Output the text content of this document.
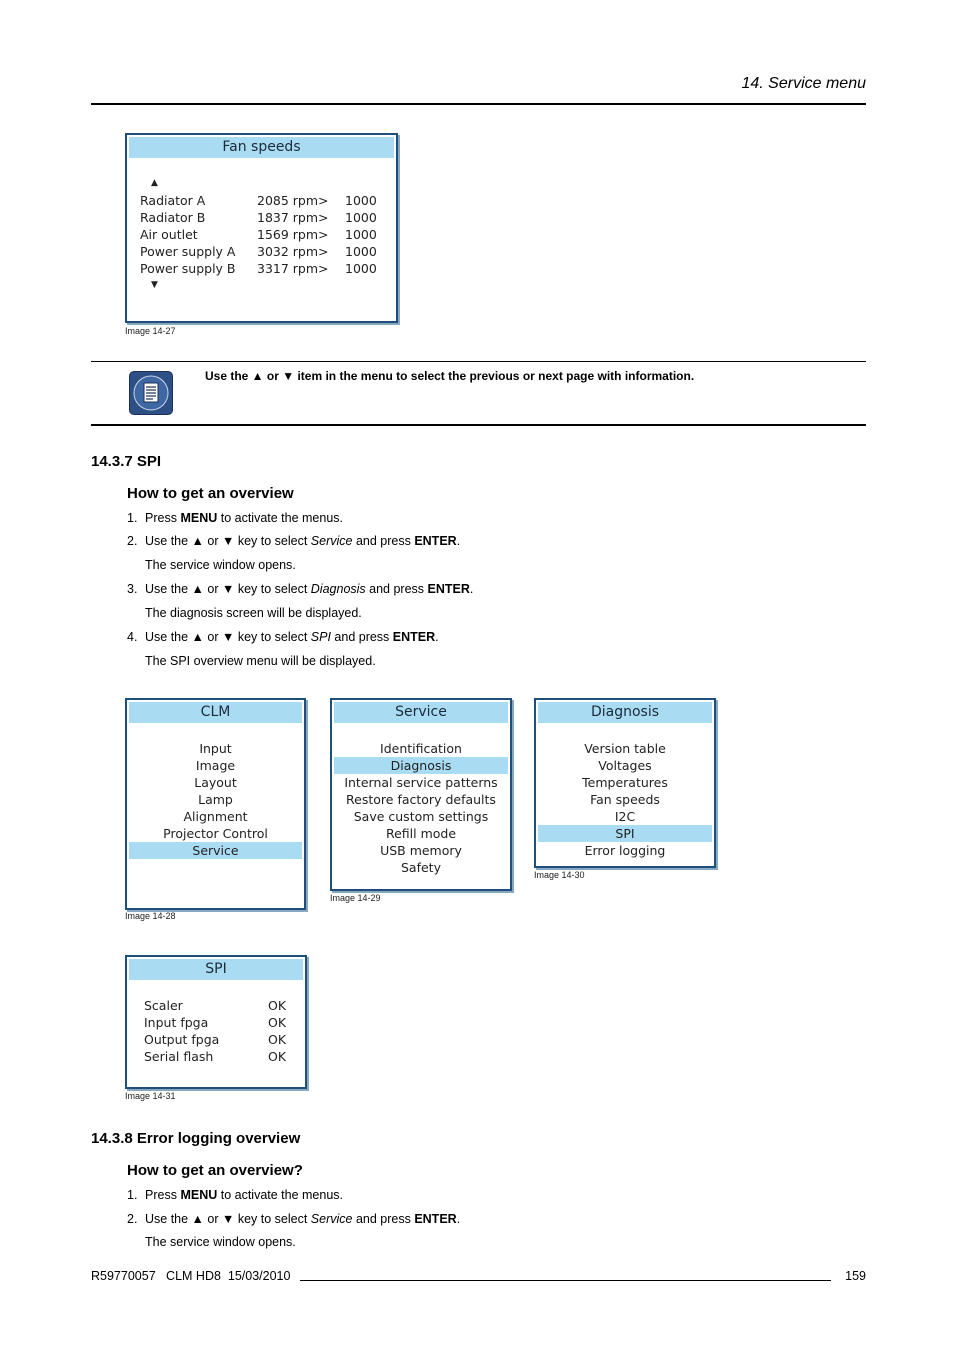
14. Service menu
Fan speeds
▲
Radiator A	2085 rpm > 1000
Radiator B	1837 rpm > 1000
Air outlet	1569 rpm > 1000
Power supply A 3032 rpm > 1000
Power supply B 3317 rpm > 1000
▼
Image 14-27
Use the ▲ or ▼ item in the menu to select the previous or next page with information.
14.3.7 SPI
How to get an overview
1. Press MENU to activate the menus.
2. Use the ▲ or ▼ key to select Service and press ENTER.
The service window opens.
3. Use the ▲ or ▼ key to select Diagnosis and press ENTER.
The diagnosis screen will be displayed.
4. Use the ▲ or ▼ key to select SPI and press ENTER.
The SPI overview menu will be displayed.
CLM
Input
Image
Layout
Lamp
Alignment
Projector Control
Service
Image 14-28
Service
Identification
Diagnosis
Internal service patterns
Restore factory defaults
Save custom settings
Refill mode
USB memory
Safety
Image 14-29
Diagnosis
Version table
Voltages
Temperatures
Fan speeds
I2C
SPI
Error logging
Image 14-30
SPI
Scaler	OK
Input fpga	OK
Output fpga	OK
Serial flash	OK
Image 14-31
14.3.8 Error logging overview
How to get an overview?
1. Press MENU to activate the menus.
2. Use the ▲ or ▼ key to select Service and press ENTER.
The service window opens.
R59770057   CLM HD8  15/03/2010	159
